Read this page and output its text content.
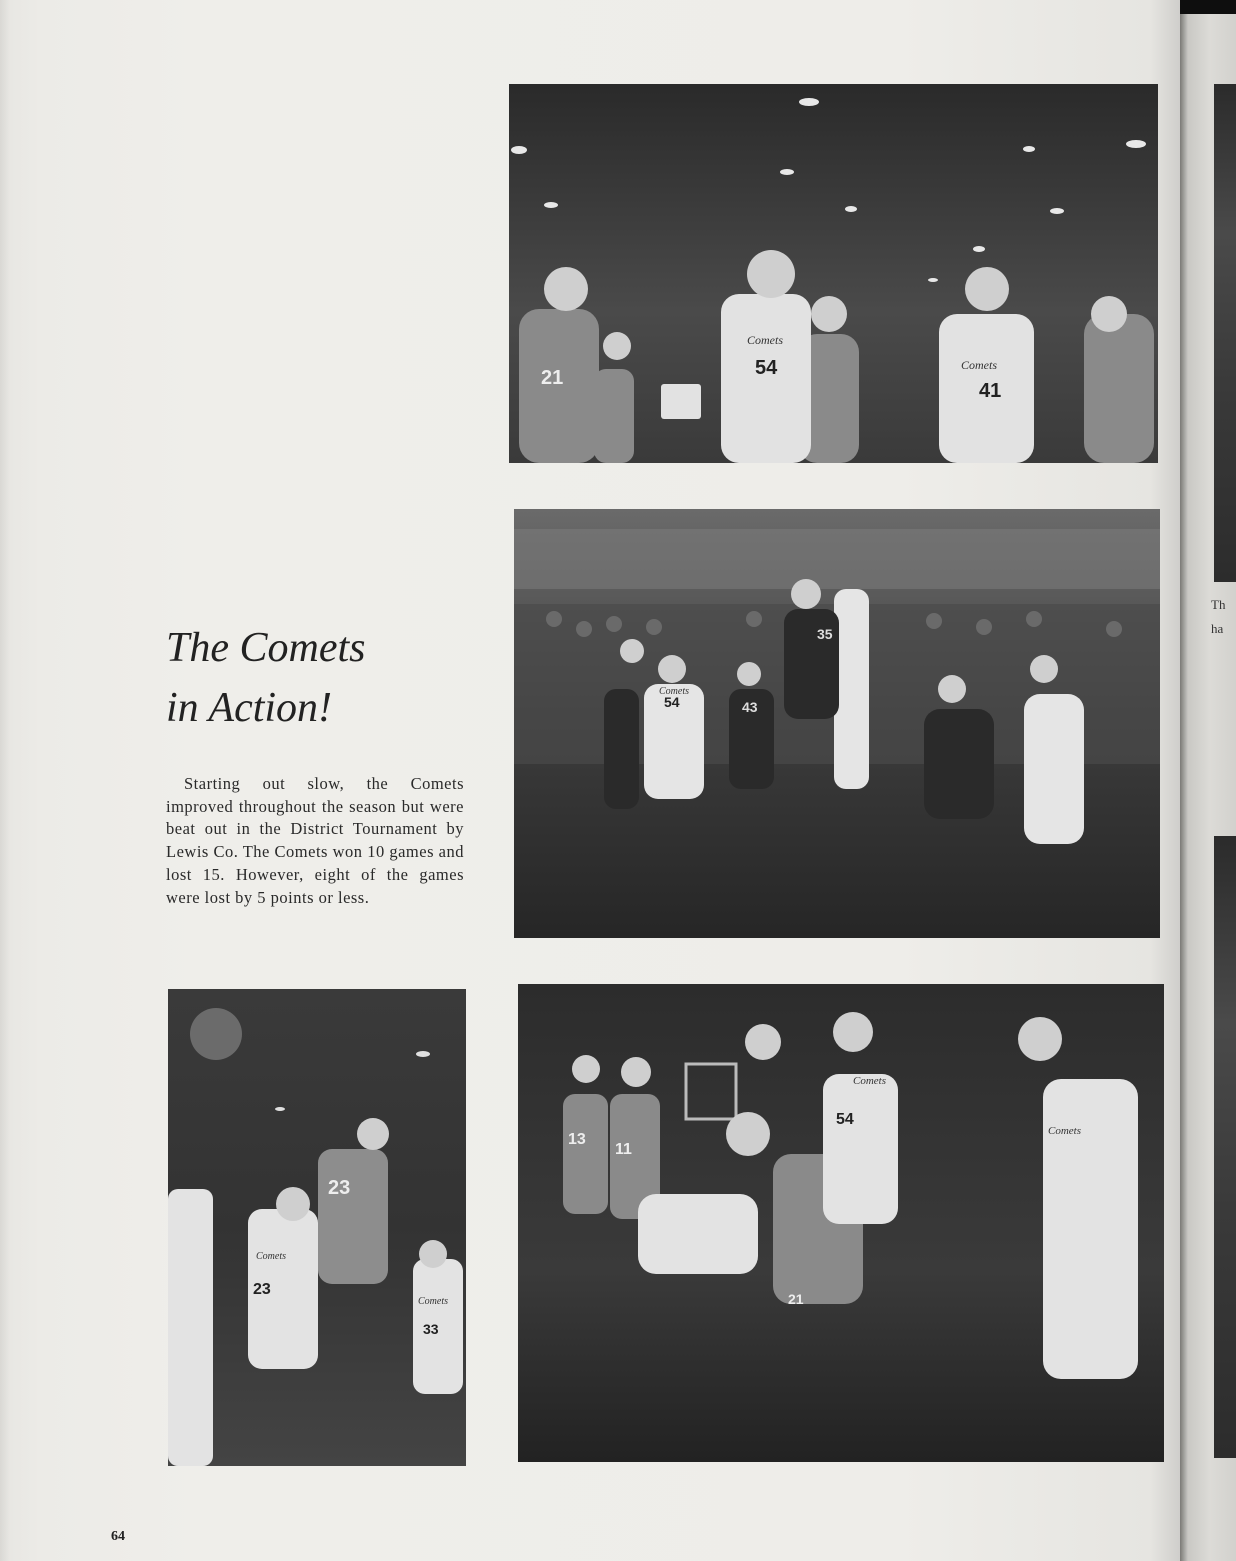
21	54
41
Comets
Comets
54
35
43
Comets
23
23
33
Comets
Comets
13
11
54
21
Comets
Comets
The Comets
in Action!

Starting out slow, the Comets improved throughout the season but were beat out in the District Tournament by Lewis Co. The Comets won 10 games and lost 15. However, eight of the games were lost by 5 points or less.

64
Th
ha
